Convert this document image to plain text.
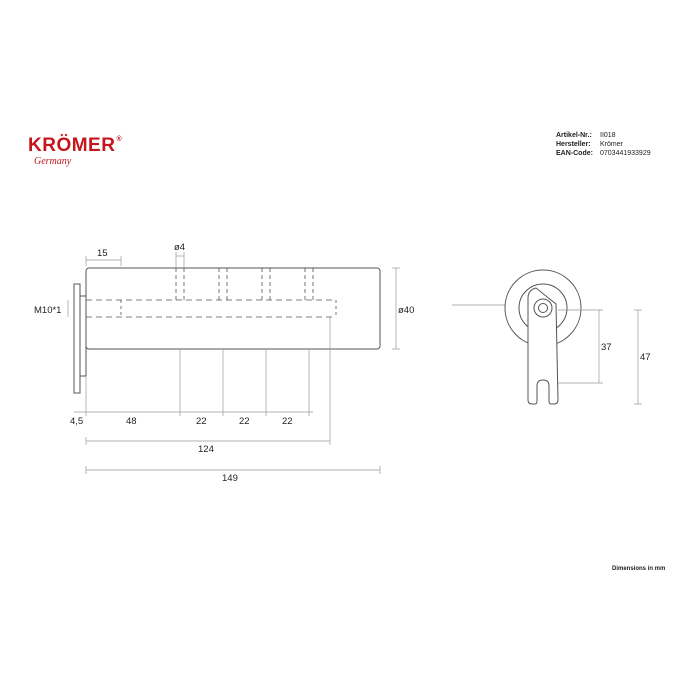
KRÖMER®
Germany
Artikel-Nr.:	II018
Hersteller:	Krömer
EAN-Code:	0703441933929
15
ø4
M10*1	ø40
4,5	48	22	22	22
124
149
37
47
Dimensions in mm
